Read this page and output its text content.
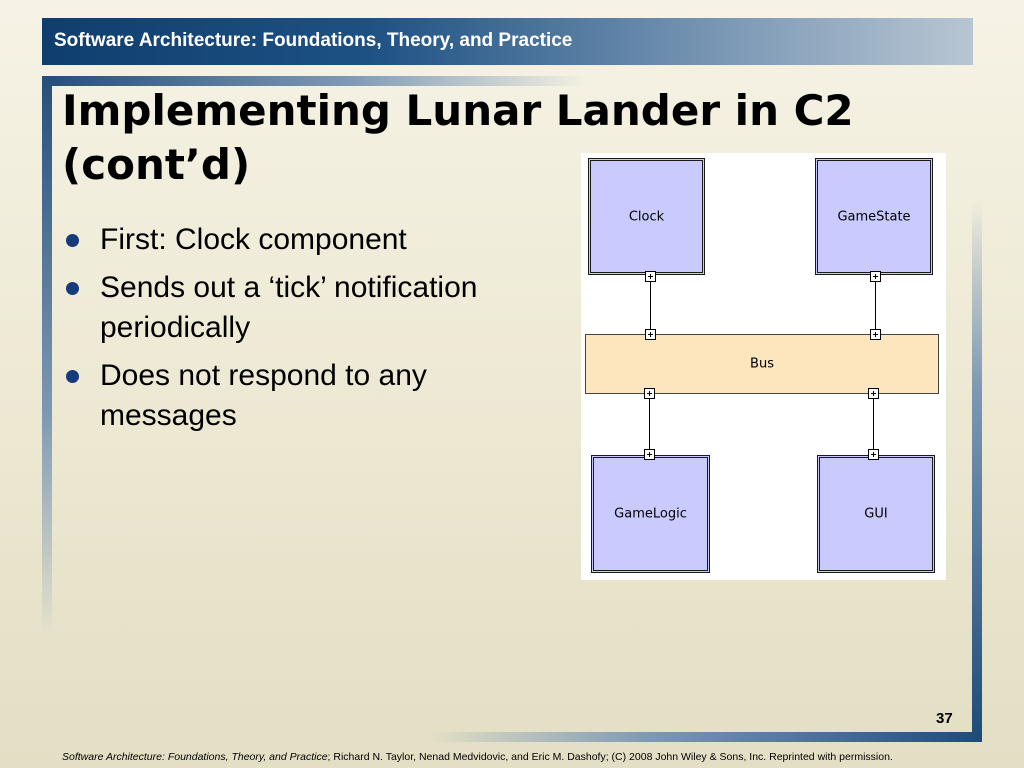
Software Architecture: Foundations, Theory, and Practice
Implementing Lunar Lander in C2
(cont’d)
First: Clock component
Sends out a ‘tick’ notification periodically
Does not respond to any messages
Clock	GameState
Bus
GameLogic	GUI
37
Software Architecture: Foundations, Theory, and Practice; Richard N. Taylor, Nenad Medvidovic, and Eric M. Dashofy; (C) 2008 John Wiley & Sons, Inc. Reprinted with permission.
